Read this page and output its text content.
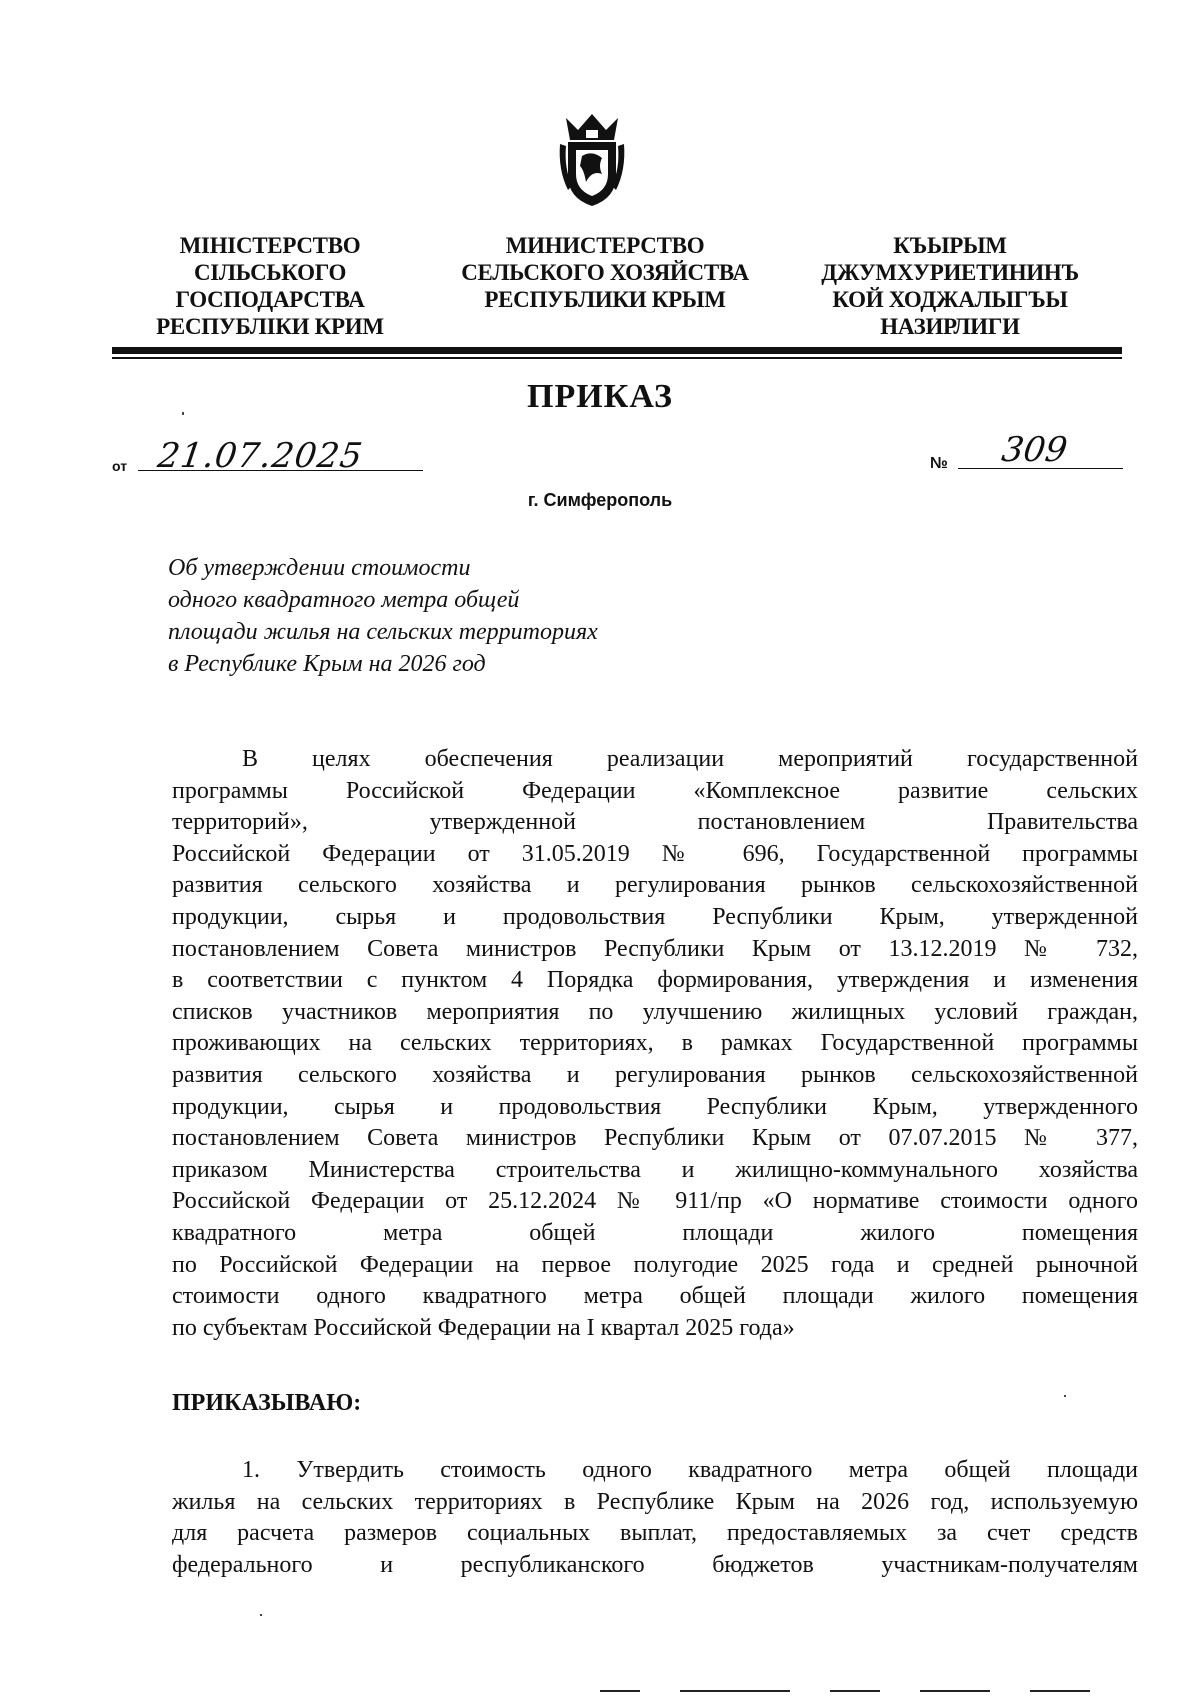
МІНІСТЕРСТВО
СІЛЬСЬКОГО
ГОСПОДАРСТВА
РЕСПУБЛІКИ КРИМ
МИНИСТЕРСТВО
СЕЛЬСКОГО ХОЗЯЙСТВА
РЕСПУБЛИКИ КРЫМ
КЪЫРЫМ
ДЖУМХУРИЕТИНИНЪ
КОЙ ХОДЖАЛЫГЪЫ
НАЗИРЛИГИ
ПРИКАЗ
от 21.07.2025	№ 309
г. Симферополь
Об утверждении стоимости
одного квадратного метра общей
площади жилья на сельских территориях
в Республике Крым на 2026 год
В целях обеспечения реализации мероприятий государственной
программы Российской Федерации «Комплексное развитие сельских
территорий», утвержденной постановлением Правительства
Российской Федерации от 31.05.2019 № 696, Государственной программы
развития сельского хозяйства и регулирования рынков сельскохозяйственной
продукции, сырья и продовольствия Республики Крым, утвержденной
постановлением Совета министров Республики Крым от 13.12.2019 № 732,
в соответствии с пунктом 4 Порядка формирования, утверждения и изменения
списков участников мероприятия по улучшению жилищных условий граждан,
проживающих на сельских территориях, в рамках Государственной программы
развития сельского хозяйства и регулирования рынков сельскохозяйственной
продукции, сырья и продовольствия Республики Крым, утвержденного
постановлением Совета министров Республики Крым от 07.07.2015 № 377,
приказом Министерства строительства и жилищно-коммунального хозяйства
Российской Федерации от 25.12.2024 № 911/пр «О нормативе стоимости одного
квадратного метра общей площади жилого помещения
по Российской Федерации на первое полугодие 2025 года и средней рыночной
стоимости одного квадратного метра общей площади жилого помещения
по субъектам Российской Федерации на I квартал 2025 года»
ПРИКАЗЫВАЮ:
1. Утвердить стоимость одного квадратного метра общей площади
жилья на сельских территориях в Республике Крым на 2026 год, используемую
для расчета размеров социальных выплат, предоставляемых за счет средств
федерального и республиканского бюджетов участникам-получателям
